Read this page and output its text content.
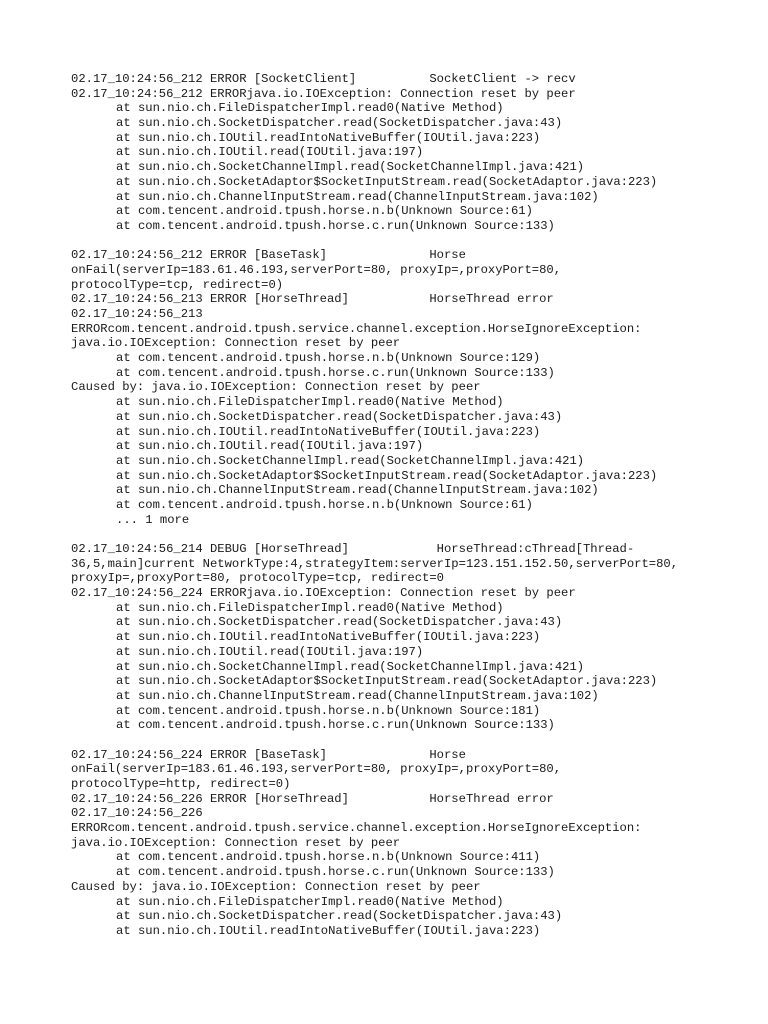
02.17_10:24:56_212 ERROR [SocketClient]          SocketClient -> recv
02.17_10:24:56_212 ERRORjava.io.IOException: Connection reset by peer
at sun.nio.ch.FileDispatcherImpl.read0(Native Method)
at sun.nio.ch.SocketDispatcher.read(SocketDispatcher.java:43)
at sun.nio.ch.IOUtil.readIntoNativeBuffer(IOUtil.java:223)
at sun.nio.ch.IOUtil.read(IOUtil.java:197)
at sun.nio.ch.SocketChannelImpl.read(SocketChannelImpl.java:421)
at sun.nio.ch.SocketAdaptor$SocketInputStream.read(SocketAdaptor.java:223)
at sun.nio.ch.ChannelInputStream.read(ChannelInputStream.java:102)
at com.tencent.android.tpush.horse.n.b(Unknown Source:61)
at com.tencent.android.tpush.horse.c.run(Unknown Source:133)
02.17_10:24:56_212 ERROR [BaseTask]              Horse
onFail(serverIp=183.61.46.193,serverPort=80, proxyIp=,proxyPort=80,
protocolType=tcp, redirect=0)
02.17_10:24:56_213 ERROR [HorseThread]           HorseThread error
02.17_10:24:56_213
ERRORcom.tencent.android.tpush.service.channel.exception.HorseIgnoreException:
java.io.IOException: Connection reset by peer
at com.tencent.android.tpush.horse.n.b(Unknown Source:129)
at com.tencent.android.tpush.horse.c.run(Unknown Source:133)
Caused by: java.io.IOException: Connection reset by peer
at sun.nio.ch.FileDispatcherImpl.read0(Native Method)
at sun.nio.ch.SocketDispatcher.read(SocketDispatcher.java:43)
at sun.nio.ch.IOUtil.readIntoNativeBuffer(IOUtil.java:223)
at sun.nio.ch.IOUtil.read(IOUtil.java:197)
at sun.nio.ch.SocketChannelImpl.read(SocketChannelImpl.java:421)
at sun.nio.ch.SocketAdaptor$SocketInputStream.read(SocketAdaptor.java:223)
at sun.nio.ch.ChannelInputStream.read(ChannelInputStream.java:102)
at com.tencent.android.tpush.horse.n.b(Unknown Source:61)
... 1 more
02.17_10:24:56_214 DEBUG [HorseThread]            HorseThread:cThread[Thread-
36,5,main]current NetworkType:4,strategyItem:serverIp=123.151.152.50,serverPort=80,
proxyIp=,proxyPort=80, protocolType=tcp, redirect=0
02.17_10:24:56_224 ERRORjava.io.IOException: Connection reset by peer
at sun.nio.ch.FileDispatcherImpl.read0(Native Method)
at sun.nio.ch.SocketDispatcher.read(SocketDispatcher.java:43)
at sun.nio.ch.IOUtil.readIntoNativeBuffer(IOUtil.java:223)
at sun.nio.ch.IOUtil.read(IOUtil.java:197)
at sun.nio.ch.SocketChannelImpl.read(SocketChannelImpl.java:421)
at sun.nio.ch.SocketAdaptor$SocketInputStream.read(SocketAdaptor.java:223)
at sun.nio.ch.ChannelInputStream.read(ChannelInputStream.java:102)
at com.tencent.android.tpush.horse.n.b(Unknown Source:181)
at com.tencent.android.tpush.horse.c.run(Unknown Source:133)
02.17_10:24:56_224 ERROR [BaseTask]              Horse
onFail(serverIp=183.61.46.193,serverPort=80, proxyIp=,proxyPort=80,
protocolType=http, redirect=0)
02.17_10:24:56_226 ERROR [HorseThread]           HorseThread error
02.17_10:24:56_226
ERRORcom.tencent.android.tpush.service.channel.exception.HorseIgnoreException:
java.io.IOException: Connection reset by peer
at com.tencent.android.tpush.horse.n.b(Unknown Source:411)
at com.tencent.android.tpush.horse.c.run(Unknown Source:133)
Caused by: java.io.IOException: Connection reset by peer
at sun.nio.ch.FileDispatcherImpl.read0(Native Method)
at sun.nio.ch.SocketDispatcher.read(SocketDispatcher.java:43)
at sun.nio.ch.IOUtil.readIntoNativeBuffer(IOUtil.java:223)
